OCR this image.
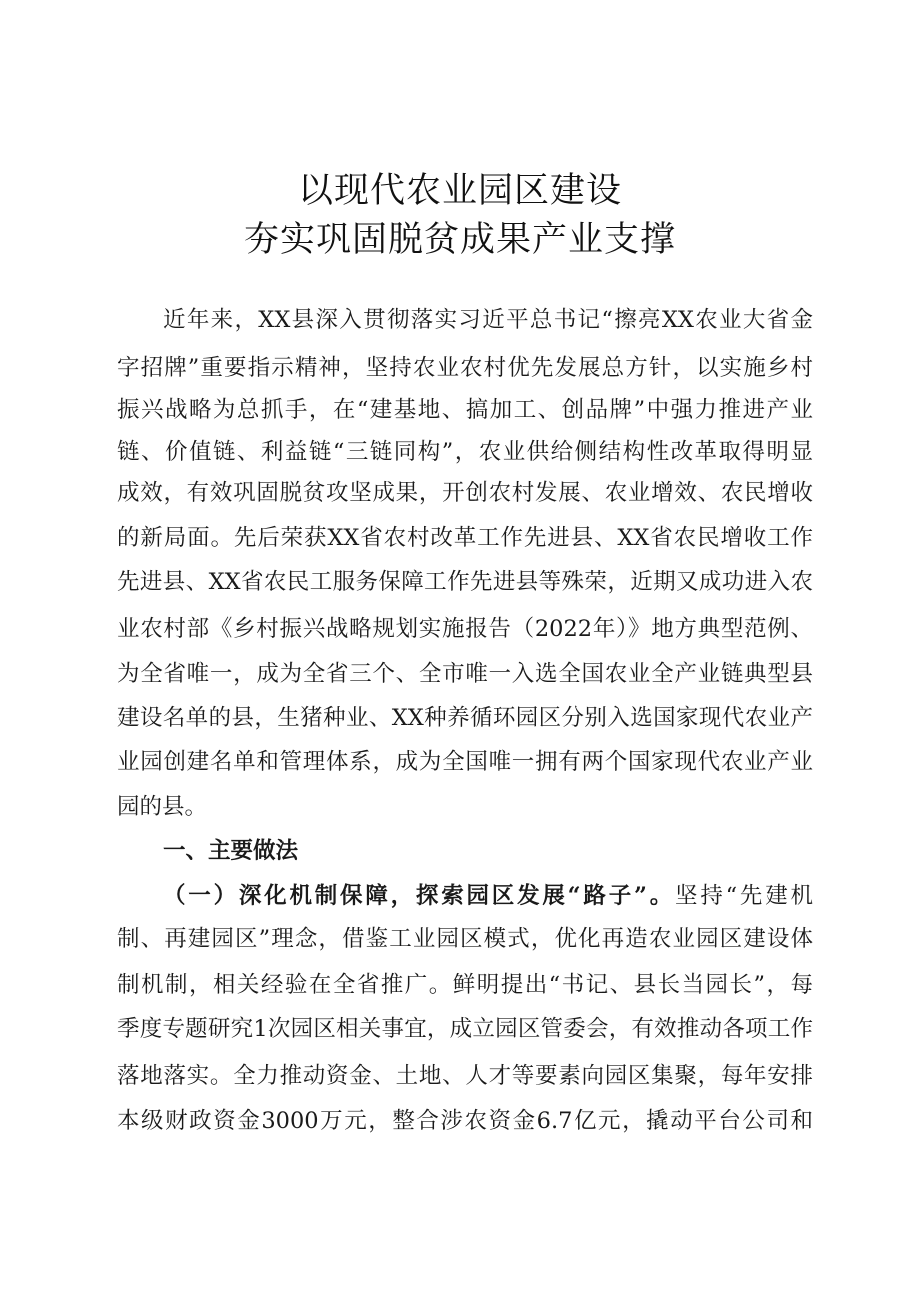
以现代农业园区建设
夯实巩固脱贫成果产业支撑
近年来，XX县深入贯彻落实习近平总书记“擦亮XX农业大省金
字招牌”重要指示精神，坚持农业农村优先发展总方针，以实施乡村
振兴战略为总抓手，在“建基地、搞加工、创品牌”中强力推进产业
链、价值链、利益链“三链同构”，农业供给侧结构性改革取得明显
成效，有效巩固脱贫攻坚成果，开创农村发展、农业增效、农民增收
的新局面。先后荣获XX省农村改革工作先进县、XX省农民增收工作
先进县、XX省农民工服务保障工作先进县等殊荣，近期又成功进入农
业农村部《乡村振兴战略规划实施报告（2022年）》地方典型范例、
为全省唯一，成为全省三个、全市唯一入选全国农业全产业链典型县
建设名单的县，生猪种业、XX种养循环园区分别入选国家现代农业产
业园创建名单和管理体系，成为全国唯一拥有两个国家现代农业产业
园的县。
一、主要做法
（一）深化机制保障，探索园区发展“路子”。坚持“先建机
制、再建园区”理念，借鉴工业园区模式，优化再造农业园区建设体
制机制，相关经验在全省推广。鲜明提出“书记、县长当园长”，每
季度专题研究1次园区相关事宜，成立园区管委会，有效推动各项工作
落地落实。全力推动资金、土地、人才等要素向园区集聚，每年安排
本级财政资金3000万元，整合涉农资金6.7亿元，撬动平台公司和
